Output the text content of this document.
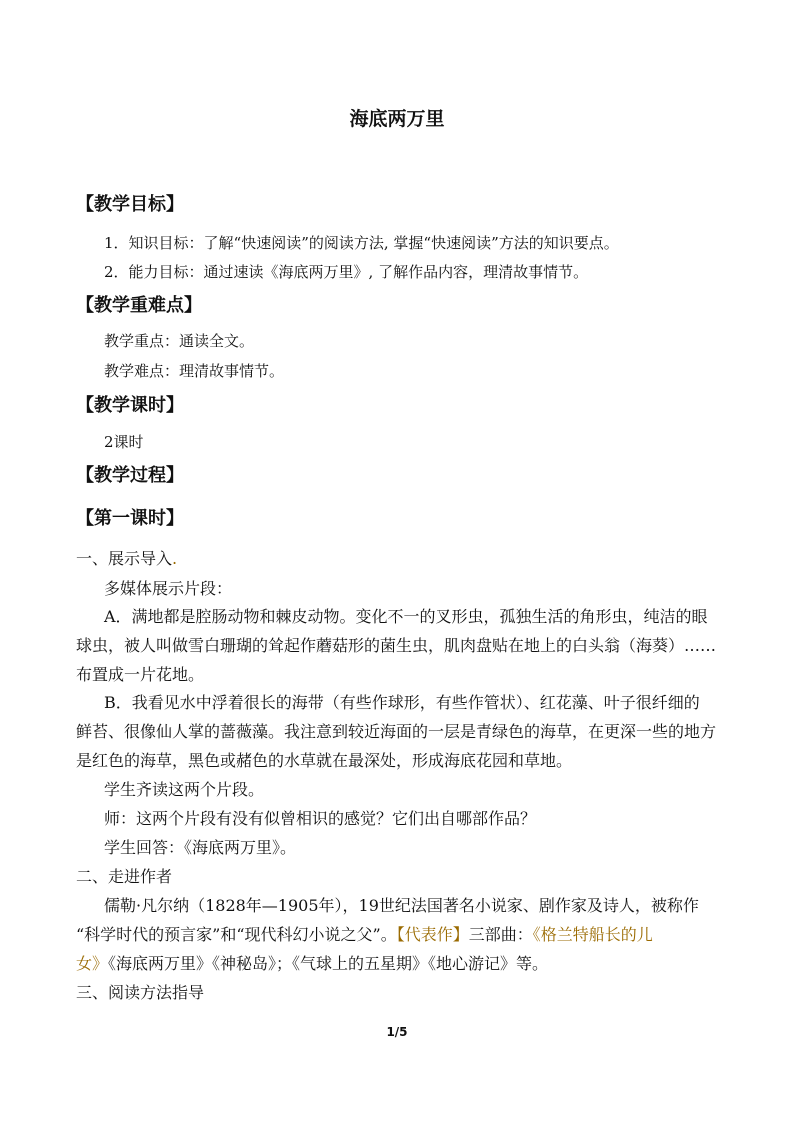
海底两万里
【教学目标】
1．知识目标：了解“快速阅读”的阅读方法, 掌握“快速阅读”方法的知识要点。
2．能力目标：通过速读《海底两万里》, 了解作品内容，理清故事情节。
【教学重难点】
教学重点：通读全文。
教学难点：理清故事情节。
【教学课时】
2课时
【教学过程】
【第一课时】
一、展示导入.
多媒体展示片段：
A．满地都是腔肠动物和棘皮动物。变化不一的叉形虫，孤独生活的角形虫，纯洁的眼
球虫，被人叫做雪白珊瑚的耸起作蘑菇形的菌生虫，肌肉盘贴在地上的白头翁（海葵）……
布置成一片花地。
B．我看见水中浮着很长的海带（有些作球形，有些作管状）、红花藻、叶子很纤细的
鲜苔、很像仙人掌的蔷薇藻。我注意到较近海面的一层是青绿色的海草，在更深一些的地方
是红色的海草，黑色或赭色的水草就在最深处，形成海底花园和草地。
学生齐读这两个片段。
师：这两个片段有没有似曾相识的感觉？它们出自哪部作品？
学生回答：《海底两万里》。
二、走进作者
儒勒·凡尔纳（1828年—1905年），19世纪法国著名小说家、剧作家及诗人，被称作
“科学时代的预言家”和“现代科幻小说之父”。【代表作】三部曲：《格兰特船长的儿
女》《海底两万里》《神秘岛》；《气球上的五星期》《地心游记》等。
三、阅读方法指导
1/5
